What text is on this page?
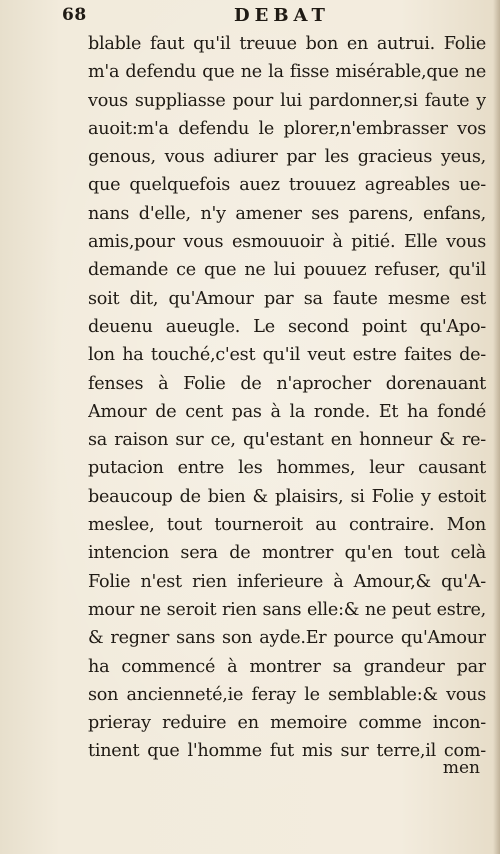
68	DEBAT
blable faut qu'il treuue bon en autrui. Folie
m'a defendu que ne la fisse misérable,que ne
vous suppliasse pour lui pardonner,si faute y
auoit:m'a defendu le plorer,n'embrasser vos
genous, vous adiurer par les gracieus yeus,
que quelquefois auez trouuez agreables ue-
nans d'elle, n'y amener ses parens, enfans,
amis,pour vous esmouuoir à pitié. Elle vous
demande ce que ne lui pouuez refuser, qu'il
soit dit, qu'Amour par sa faute mesme est
deuenu aueugle. Le second point qu'Apo-
lon ha touché,c'est qu'il veut estre faites de-
fenses à Folie de n'aprocher dorenauant
Amour de cent pas à la ronde. Et ha fondé
sa raison sur ce, qu'estant en honneur & re-
putacion entre les hommes, leur causant
beaucoup de bien & plaisirs, si Folie y estoit
meslee, tout tourneroit au contraire. Mon
intencion sera de montrer qu'en tout celà
Folie n'est rien inferieure à Amour,& qu'A-
mour ne seroit rien sans elle:& ne peut estre,
& regner sans son ayde.Er pource qu'Amour
ha commencé à montrer sa grandeur par
son ancienneté,ie feray le semblable:& vous
prieray reduire en memoire comme incon-
tinent que l'homme fut mis sur terre,il com-
men
